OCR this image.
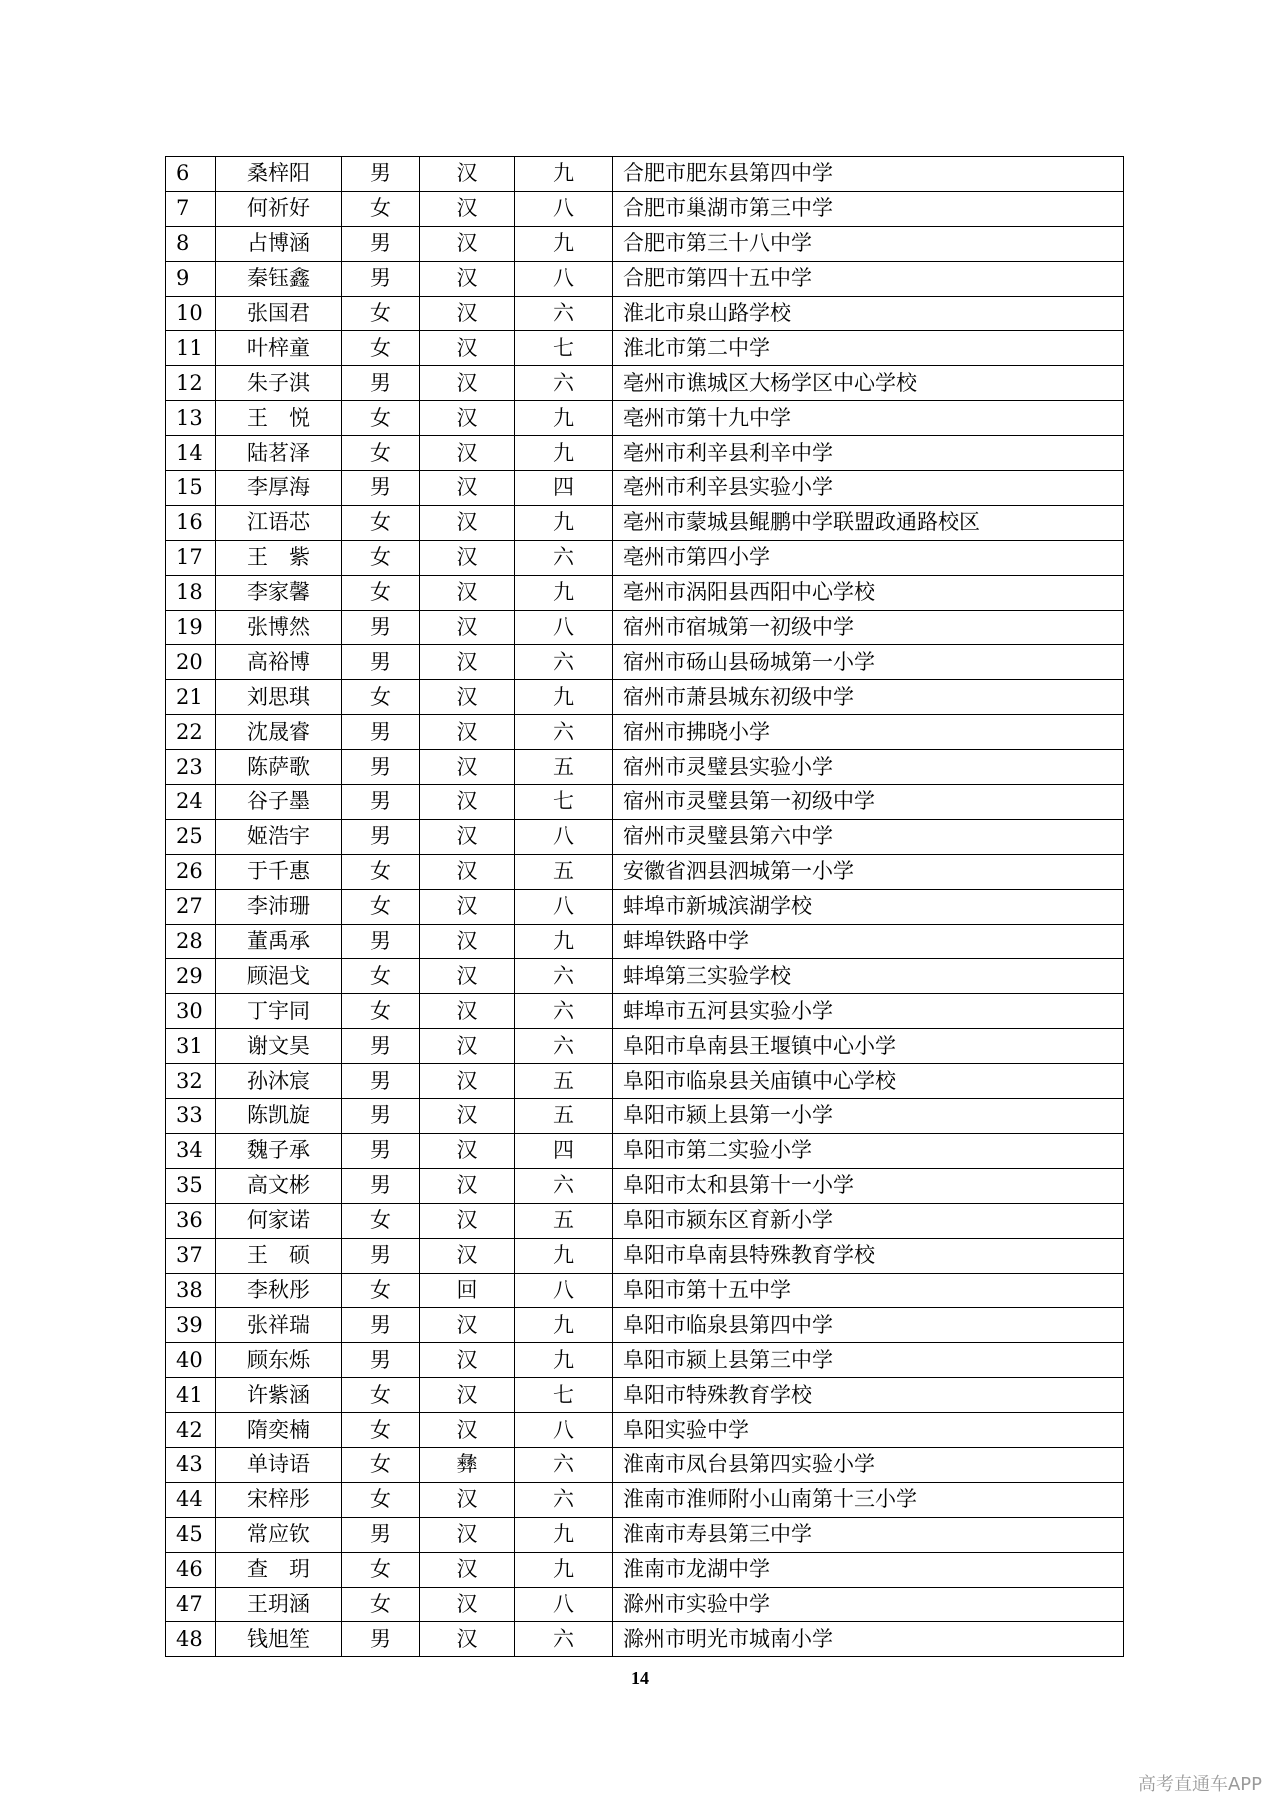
6	桑梓阳	男	汉	九	合肥市肥东县第四中学
7	何祈好	女	汉	八	合肥市巢湖市第三中学
8	占博涵	男	汉	九	合肥市第三十八中学
9	秦钰鑫	男	汉	八	合肥市第四十五中学
10	张国君	女	汉	六	淮北市泉山路学校
11	叶梓童	女	汉	七	淮北市第二中学
12	朱子淇	男	汉	六	亳州市谯城区大杨学区中心学校
13	王　悦	女	汉	九	亳州市第十九中学
14	陆茗泽	女	汉	九	亳州市利辛县利辛中学
15	李厚海	男	汉	四	亳州市利辛县实验小学
16	江语芯	女	汉	九	亳州市蒙城县鲲鹏中学联盟政通路校区
17	王　紫	女	汉	六	亳州市第四小学
18	李家馨	女	汉	九	亳州市涡阳县西阳中心学校
19	张博然	男	汉	八	宿州市宿城第一初级中学
20	高裕博	男	汉	六	宿州市砀山县砀城第一小学
21	刘思琪	女	汉	九	宿州市萧县城东初级中学
22	沈晟睿	男	汉	六	宿州市拂晓小学
23	陈萨歌	男	汉	五	宿州市灵璧县实验小学
24	谷子墨	男	汉	七	宿州市灵璧县第一初级中学
25	姬浩宇	男	汉	八	宿州市灵璧县第六中学
26	于千惠	女	汉	五	安徽省泗县泗城第一小学
27	李沛珊	女	汉	八	蚌埠市新城滨湖学校
28	董禹承	男	汉	九	蚌埠铁路中学
29	顾浥戈	女	汉	六	蚌埠第三实验学校
30	丁宇同	女	汉	六	蚌埠市五河县实验小学
31	谢文昊	男	汉	六	阜阳市阜南县王堰镇中心小学
32	孙沐宸	男	汉	五	阜阳市临泉县关庙镇中心学校
33	陈凯旋	男	汉	五	阜阳市颍上县第一小学
34	魏子承	男	汉	四	阜阳市第二实验小学
35	高文彬	男	汉	六	阜阳市太和县第十一小学
36	何家诺	女	汉	五	阜阳市颍东区育新小学
37	王　硕	男	汉	九	阜阳市阜南县特殊教育学校
38	李秋彤	女	回	八	阜阳市第十五中学
39	张祥瑞	男	汉	九	阜阳市临泉县第四中学
40	顾东烁	男	汉	九	阜阳市颍上县第三中学
41	许紫涵	女	汉	七	阜阳市特殊教育学校
42	隋奕楠	女	汉	八	阜阳实验中学
43	单诗语	女	彝	六	淮南市凤台县第四实验小学
44	宋梓彤	女	汉	六	淮南市淮师附小山南第十三小学
45	常应钦	男	汉	九	淮南市寿县第三中学
46	查　玥	女	汉	九	淮南市龙湖中学
47	王玥涵	女	汉	八	滁州市实验中学
48	钱旭笙	男	汉	六	滁州市明光市城南小学
14
高考直通车APP
